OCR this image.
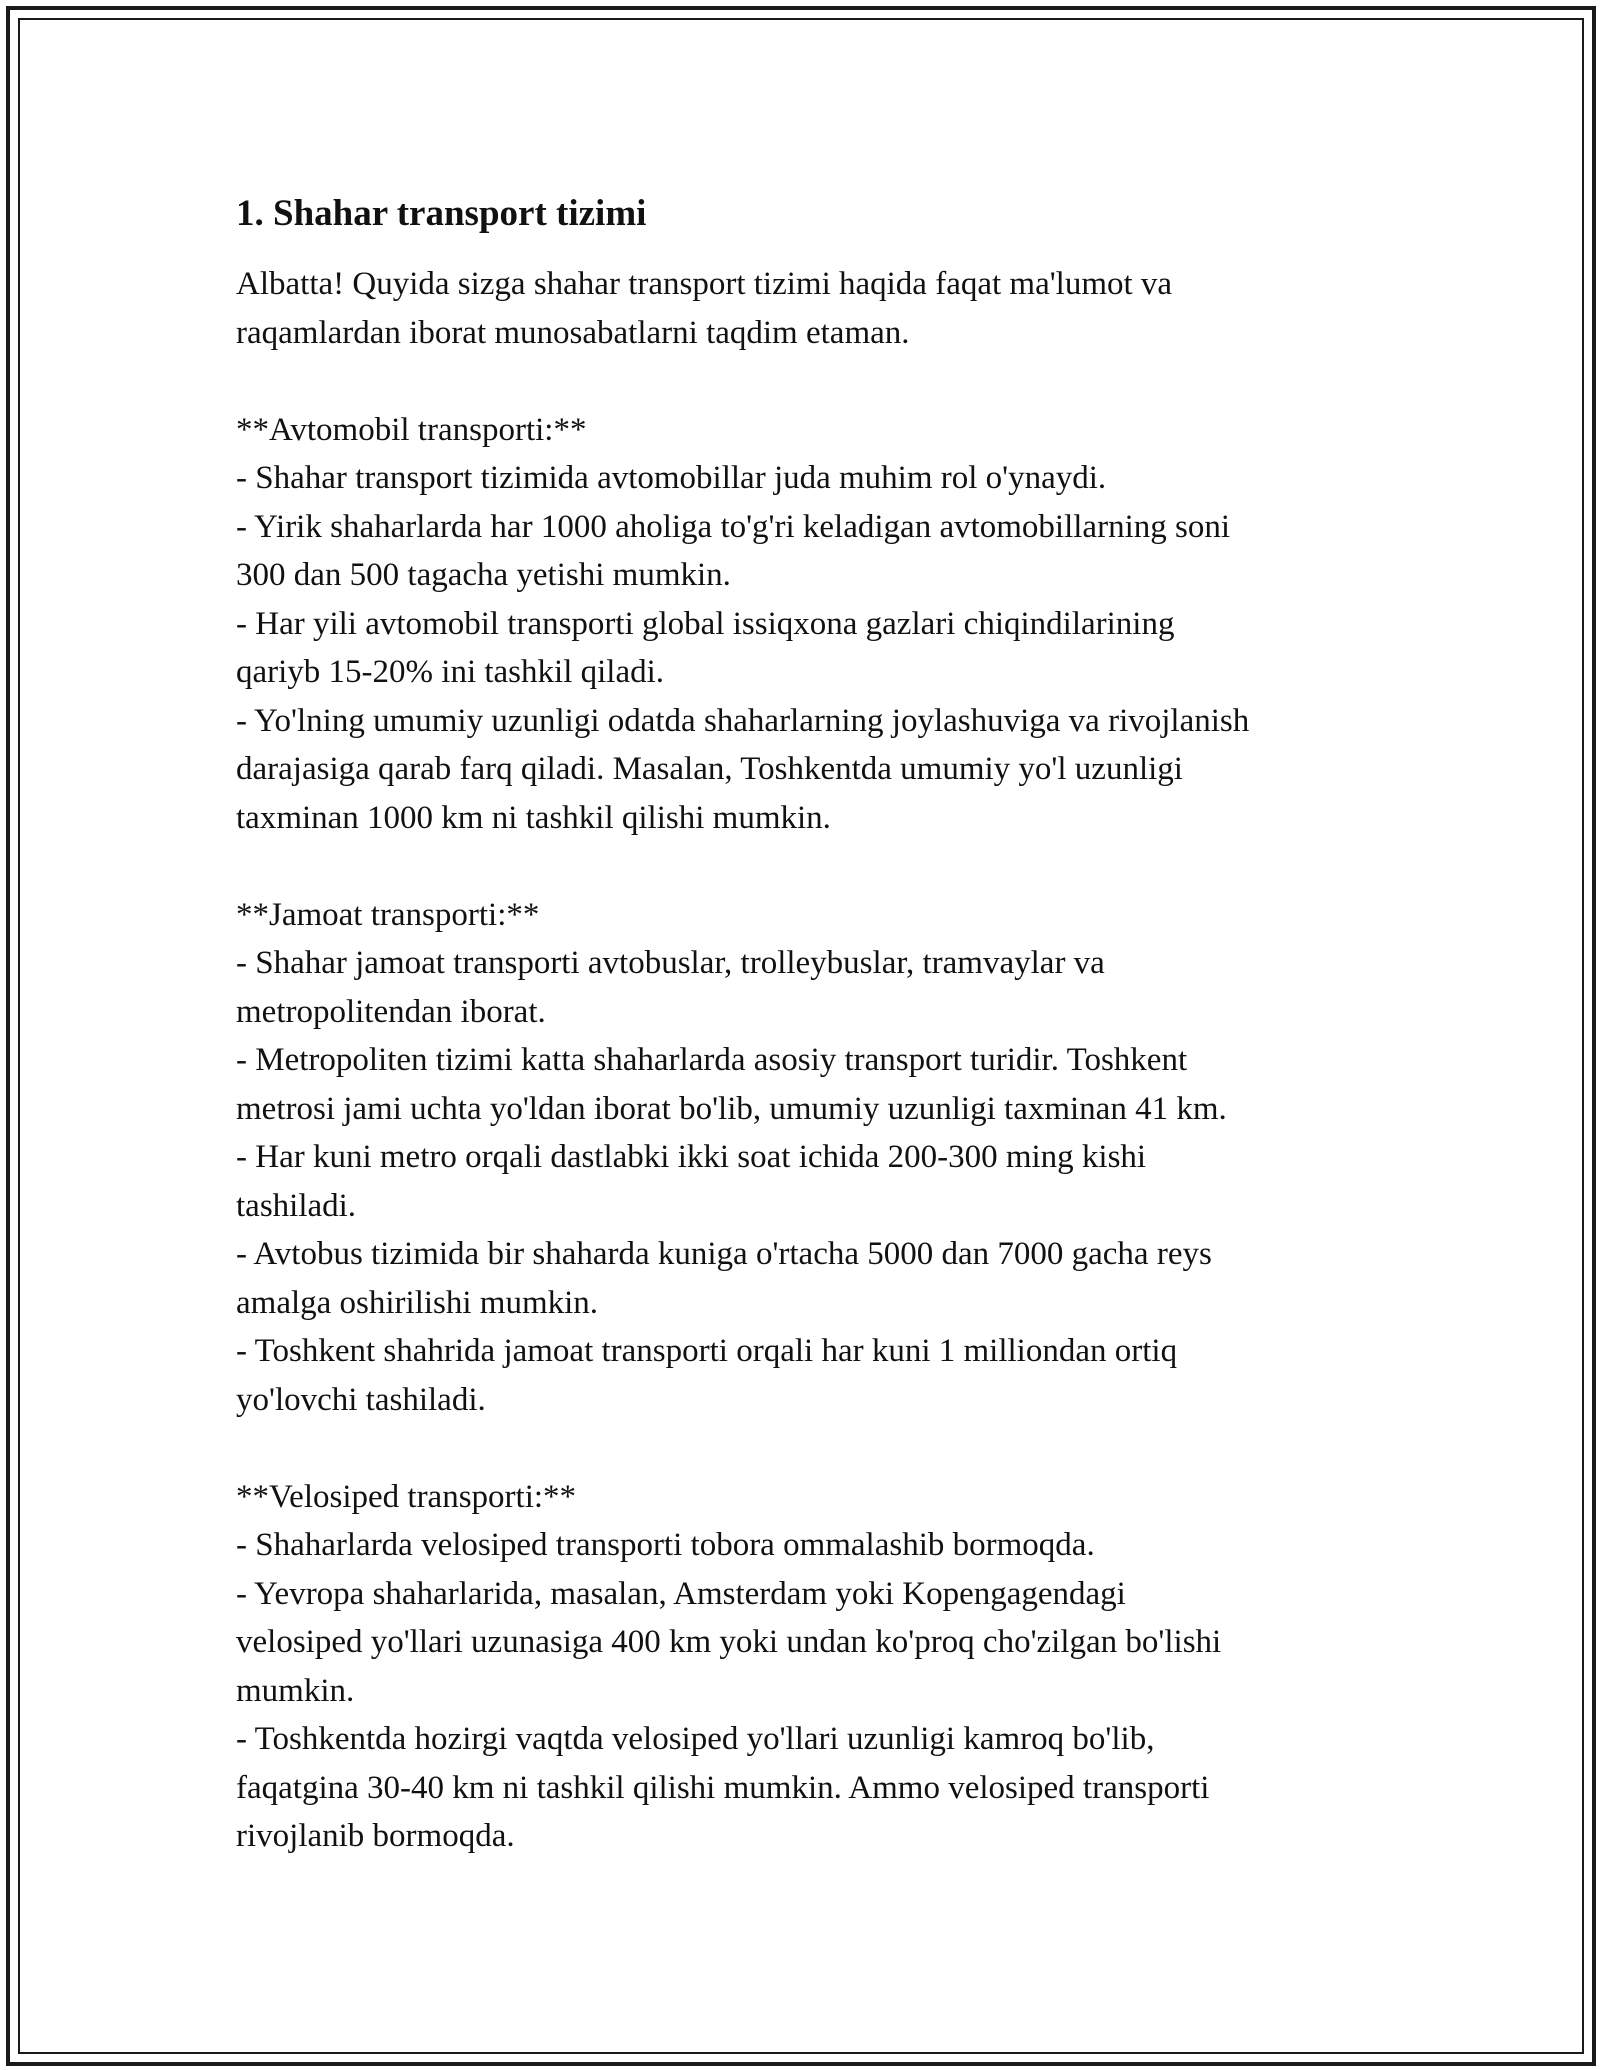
1. Shahar transport tizimi

Albatta! Quyida sizga shahar transport tizimi haqida faqat ma'lumot va

raqamlardan iborat munosabatlarni taqdim etaman.

**Avtomobil transporti:**

- Shahar transport tizimida avtomobillar juda muhim rol o'ynaydi.

- Yirik shaharlarda har 1000 aholiga to'g'ri keladigan avtomobillarning soni

300 dan 500 tagacha yetishi mumkin.

- Har yili avtomobil transporti global issiqxona gazlari chiqindilarining

qariyb 15-20% ini tashkil qiladi.

- Yo'lning umumiy uzunligi odatda shaharlarning joylashuviga va rivojlanish

darajasiga qarab farq qiladi. Masalan, Toshkentda umumiy yo'l uzunligi

taxminan 1000 km ni tashkil qilishi mumkin.

**Jamoat transporti:**

- Shahar jamoat transporti avtobuslar, trolleybuslar, tramvaylar va

metropolitendan iborat.

- Metropoliten tizimi katta shaharlarda asosiy transport turidir. Toshkent

metrosi jami uchta yo'ldan iborat bo'lib, umumiy uzunligi taxminan 41 km.

- Har kuni metro orqali dastlabki ikki soat ichida 200-300 ming kishi

tashiladi.

- Avtobus tizimida bir shaharda kuniga o'rtacha 5000 dan 7000 gacha reys

amalga oshirilishi mumkin.

- Toshkent shahrida jamoat transporti orqali har kuni 1 milliondan ortiq

yo'lovchi tashiladi.

**Velosiped transporti:**

- Shaharlarda velosiped transporti tobora ommalashib bormoqda.

- Yevropa shaharlarida, masalan, Amsterdam yoki Kopengagendagi

velosiped yo'llari uzunasiga 400 km yoki undan ko'proq cho'zilgan bo'lishi

mumkin.

- Toshkentda hozirgi vaqtda velosiped yo'llari uzunligi kamroq bo'lib,

faqatgina 30-40 km ni tashkil qilishi mumkin. Ammo velosiped transporti

rivojlanib bormoqda.
